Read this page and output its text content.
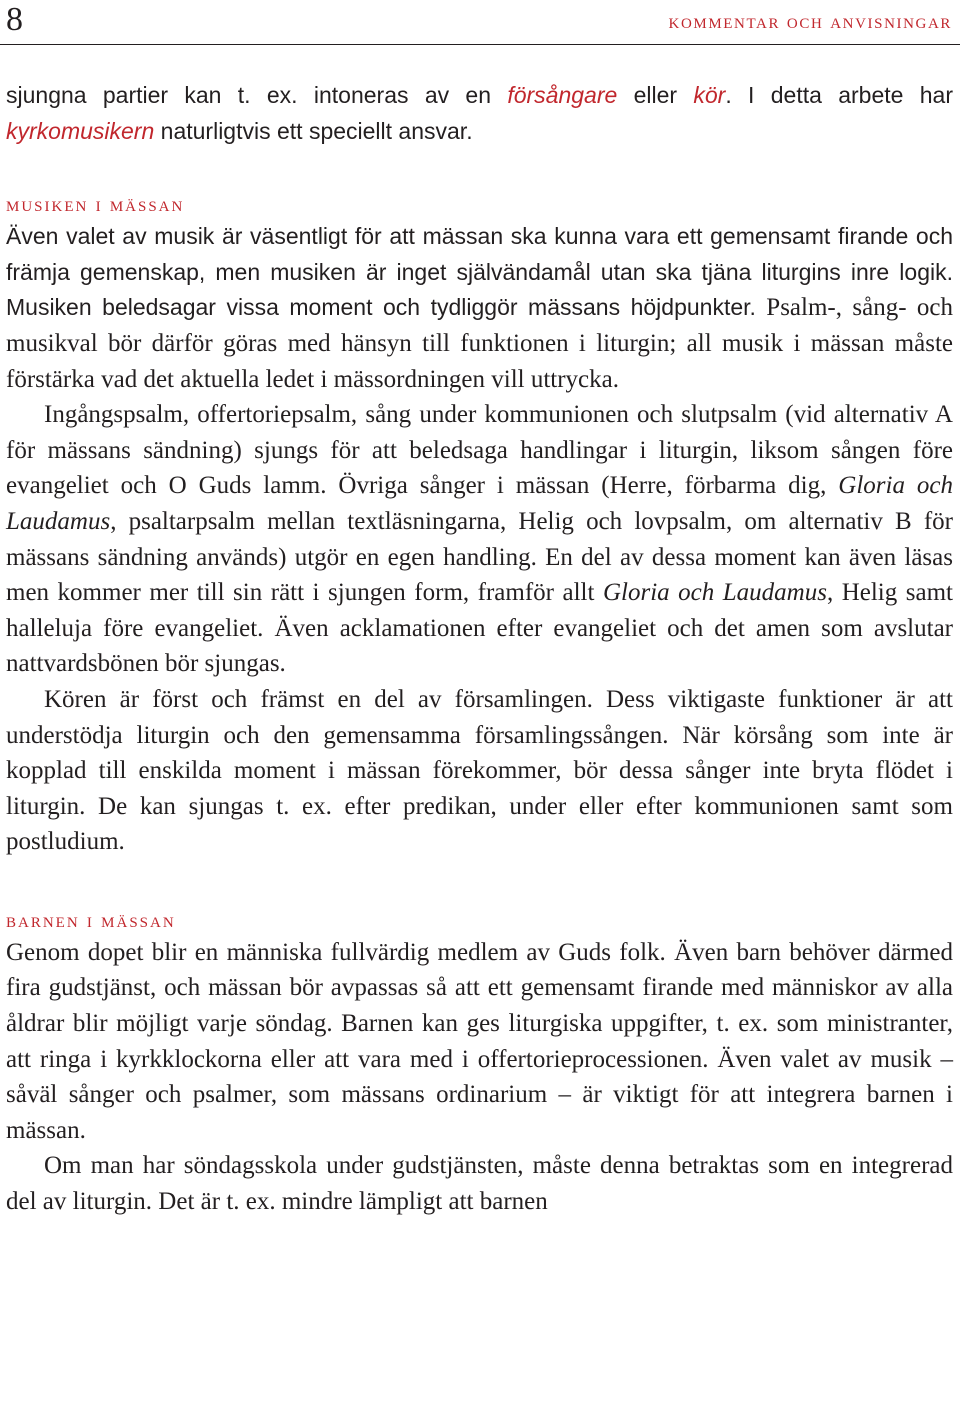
8	kommentar och anvisningar

sjungna partier kan t. ex. intoneras av en försångare eller kör. I detta arbete har kyrkomusikern naturligtvis ett speciellt ansvar.

musiken i mässan

Även valet av musik är väsentligt för att mässan ska kunna vara ett gemensamt firande och främja gemenskap, men musiken är inget självändamål utan ska tjäna liturgins inre logik. Musiken beledsagar vissa moment och tydliggör mässans höjdpunkter. Psalm-, sång- och musikval bör därför göras med hänsyn till funktionen i liturgin; all musik i mässan måste förstärka vad det aktuella ledet i mässordningen vill uttrycka.

Ingångspsalm, offertoriepsalm, sång under kommunionen och slutpsalm (vid alternativ A för mässans sändning) sjungs för att beledsaga handlingar i liturgin, liksom sången före evangeliet och O Guds lamm. Övriga sånger i mässan (Herre, förbarma dig, Gloria och Laudamus, psaltarpsalm mellan textläsningarna, Helig och lovpsalm, om alternativ B för mässans sändning används) utgör en egen handling. En del av dessa moment kan även läsas men kommer mer till sin rätt i sjungen form, framför allt Gloria och Laudamus, Helig samt halleluja före evangeliet. Även acklamationen efter evangeliet och det amen som avslutar nattvardsbönen bör sjungas.

Kören är först och främst en del av församlingen. Dess viktigaste funktioner är att understödja liturgin och den gemensamma församlingssången. När körsång som inte är kopplad till enskilda moment i mässan förekommer, bör dessa sånger inte bryta flödet i liturgin. De kan sjungas t. ex. efter predikan, under eller efter kommunionen samt som postludium.

barnen i mässan

Genom dopet blir en människa fullvärdig medlem av Guds folk. Även barn behöver därmed fira gudstjänst, och mässan bör avpassas så att ett gemensamt firande med människor av alla åldrar blir möjligt varje söndag. Barnen kan ges liturgiska uppgifter, t. ex. som ministranter, att ringa i kyrkklockorna eller att vara med i offertorieprocessionen. Även valet av musik – såväl sånger och psalmer, som mässans ordinarium – är viktigt för att integrera barnen i mässan.

Om man har söndagsskola under gudstjänsten, måste denna betraktas som en integrerad del av liturgin. Det är t. ex. mindre lämpligt att barnen
